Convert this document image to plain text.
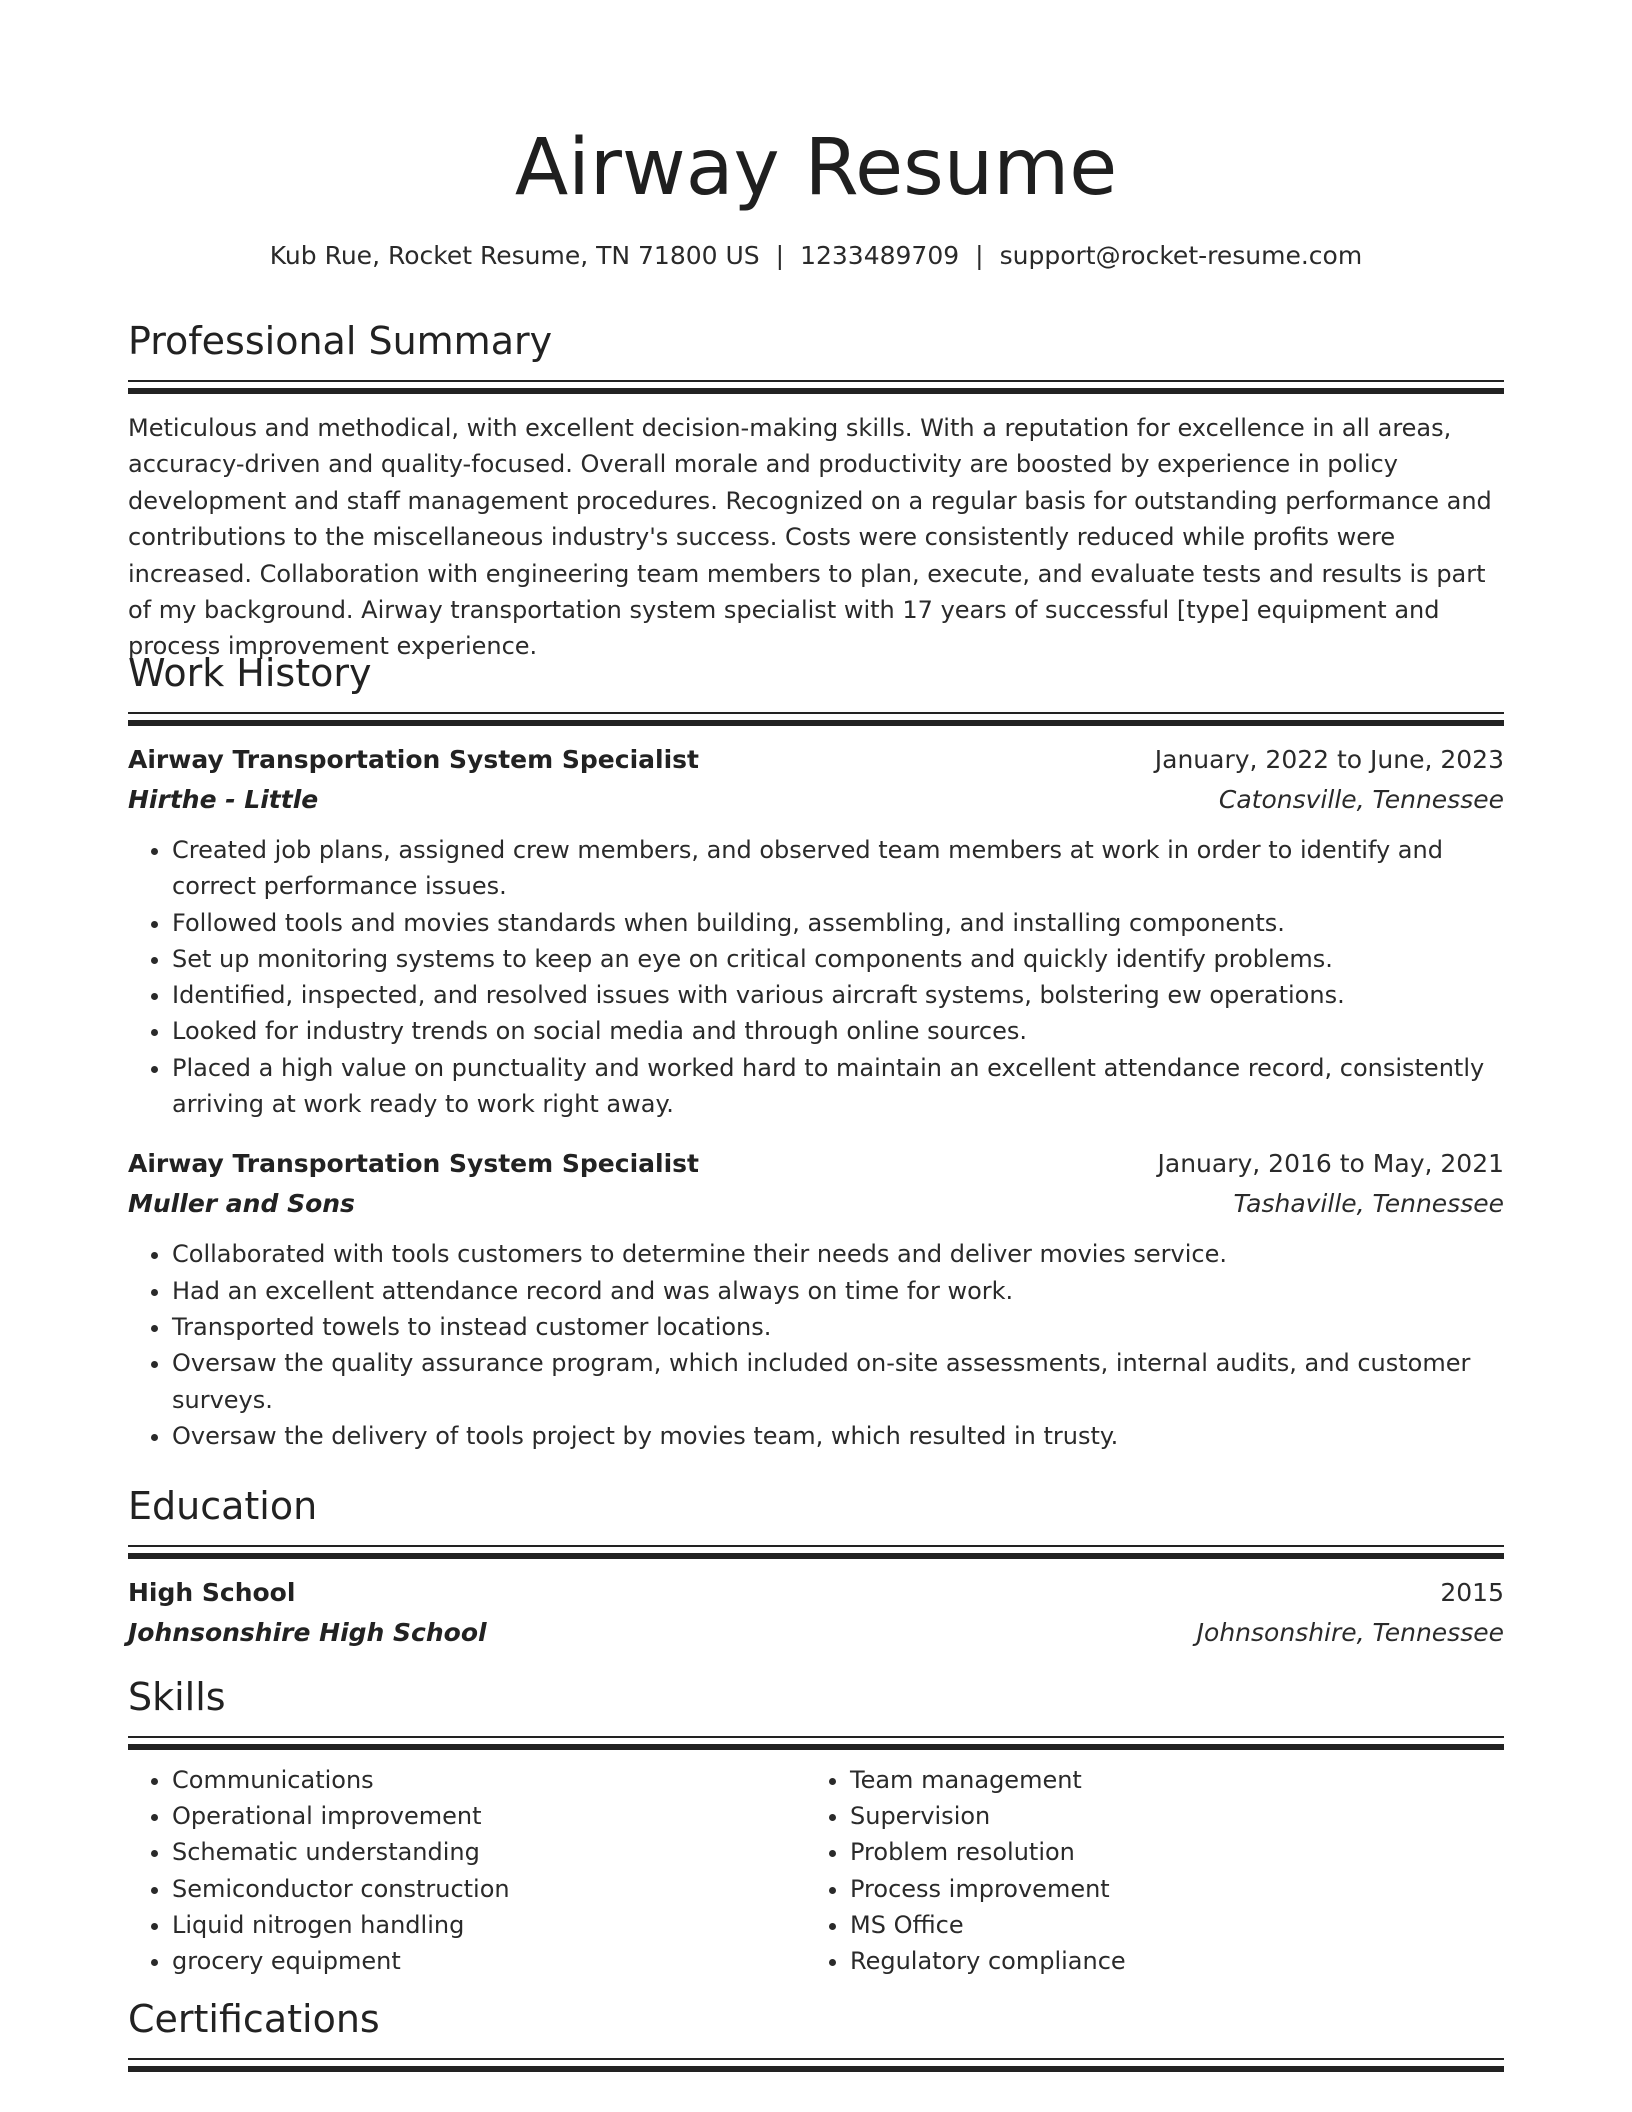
Airway Resume
Kub Rue, Rocket Resume, TN 71800 US | 1233489709 | support@rocket-resume.com
Professional Summary
Meticulous and methodical, with excellent decision-making skills. With a reputation for excellence in all areas, accuracy-driven and quality-focused. Overall morale and productivity are boosted by experience in policy development and staff management procedures. Recognized on a regular basis for outstanding performance and contributions to the miscellaneous industry's success. Costs were consistently reduced while profits were increased. Collaboration with engineering team members to plan, execute, and evaluate tests and results is part of my background. Airway transportation system specialist with 17 years of successful [type] equipment and process improvement experience.
Work History
Airway Transportation System Specialist	January, 2022 to June, 2023
Hirthe - Little	Catonsville, Tennessee
• Created job plans, assigned crew members, and observed team members at work in order to identify and correct performance issues.
• Followed tools and movies standards when building, assembling, and installing components.
• Set up monitoring systems to keep an eye on critical components and quickly identify problems.
• Identified, inspected, and resolved issues with various aircraft systems, bolstering ew operations.
• Looked for industry trends on social media and through online sources.
• Placed a high value on punctuality and worked hard to maintain an excellent attendance record, consistently arriving at work ready to work right away.
Airway Transportation System Specialist	January, 2016 to May, 2021
Muller and Sons	Tashaville, Tennessee
• Collaborated with tools customers to determine their needs and deliver movies service.
• Had an excellent attendance record and was always on time for work.
• Transported towels to instead customer locations.
• Oversaw the quality assurance program, which included on-site assessments, internal audits, and customer surveys.
• Oversaw the delivery of tools project by movies team, which resulted in trusty.
Education
High School	2015
Johnsonshire High School	Johnsonshire, Tennessee
Skills
• Communications
• Operational improvement
• Schematic understanding
• Semiconductor construction
• Liquid nitrogen handling
• grocery equipment
• Team management
• Supervision
• Problem resolution
• Process improvement
• MS Office
• Regulatory compliance
Certifications
